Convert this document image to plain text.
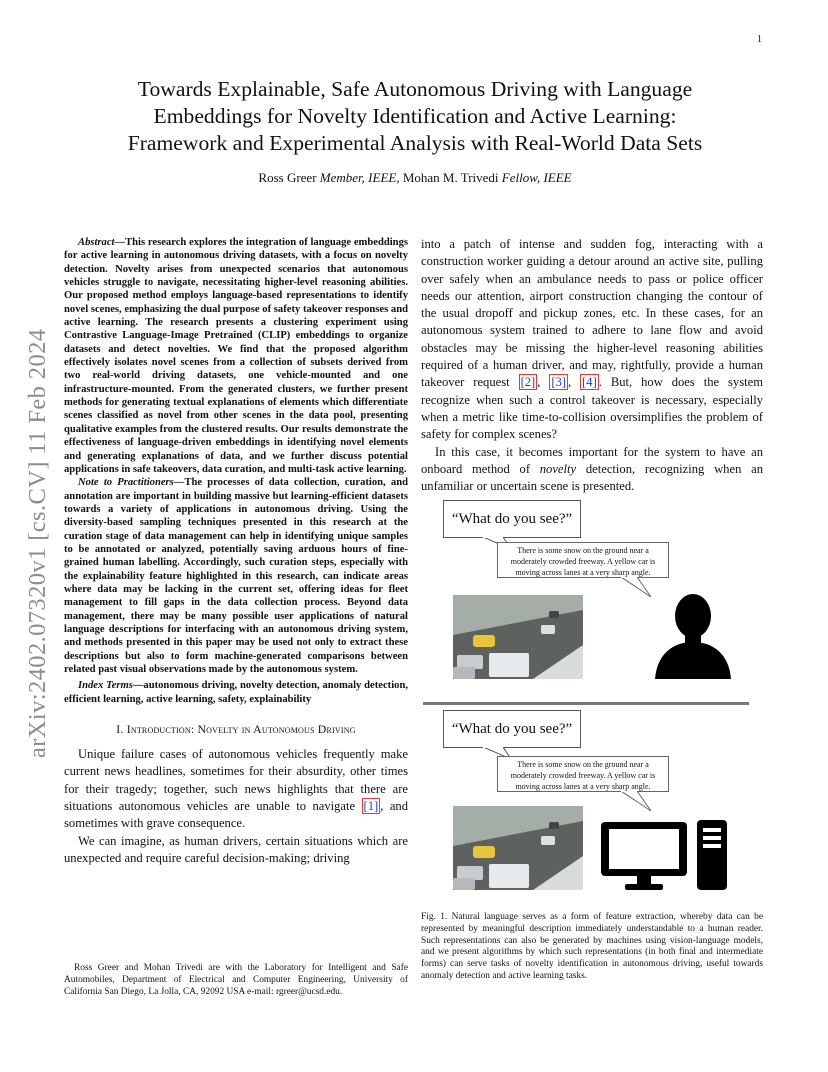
1
arXiv:2402.07320v1 [cs.CV] 11 Feb 2024
Towards Explainable, Safe Autonomous Driving with Language
Embeddings for Novelty Identification and Active Learning:
Framework and Experimental Analysis with Real-World Data Sets
Ross Greer Member, IEEE, Mohan M. Trivedi Fellow, IEEE

Abstract—This research explores the integration of language embeddings for active learning in autonomous driving datasets, with a focus on novelty detection. Novelty arises from unexpected scenarios that autonomous vehicles struggle to navigate, necessitating higher-level reasoning abilities. Our proposed method employs language-based representations to identify novel scenes, emphasizing the dual purpose of safety takeover responses and active learning. The research presents a clustering experiment using Contrastive Language-Image Pretrained (CLIP) embeddings to organize datasets and detect novelties. We find that the proposed algorithm effectively isolates novel scenes from a collection of subsets derived from two real-world driving datasets, one vehicle-mounted and one infrastructure-mounted. From the generated clusters, we further present methods for generating textual explanations of elements which differentiate scenes classified as novel from other scenes in the data pool, presenting qualitative examples from the clustered results. Our results demonstrate the effectiveness of language-driven embeddings in identifying novel elements and generating explanations of data, and we further discuss potential applications in safe takeovers, data curation, and multi-task active learning.

Note to Practitioners—The processes of data collection, curation, and annotation are important in building massive but learning-efficient datasets towards a variety of applications in autonomous driving. Using the diversity-based sampling techniques presented in this research at the curation stage of data management can help in identifying unique samples to be annotated or analyzed, potentially saving arduous hours of fine-grained human labelling. Accordingly, such curation steps, especially with the explainability feature highlighted in this research, can indicate areas where data may be lacking in the current set, offering ideas for fleet management to fill gaps in the data collection process. Beyond data management, there may be many possible user applications of natural language descriptions for interfacing with an autonomous driving system, and methods presented in this paper may be used not only to extract these descriptions but also to form machine-generated comparisons between related past visual observations made by the autonomous system.

Index Terms—autonomous driving, novelty detection, anomaly detection, efficient learning, active learning, safety, explainability
I. Introduction: Novelty in Autonomous Driving

Unique failure cases of autonomous vehicles frequently make current news headlines, sometimes for their absurdity, other times for their tragedy; together, such news highlights that there are situations autonomous vehicles are unable to navigate [1] , and sometimes with grave consequence.

We can imagine, as human drivers, certain situations which are unexpected and require careful decision-making; driving

Ross Greer and Mohan Trivedi are with the Laboratory for Intelligent and Safe Automobiles, Department of Electrical and Computer Engineering, University of California San Diego, La Jolla, CA, 92092 USA e-mail: rgreer@ucsd.edu.

into a patch of intense and sudden fog, interacting with a construction worker guiding a detour around an active site, pulling over safely when an ambulance needs to pass or police officer needs our attention, airport construction changing the contour of the usual dropoff and pickup zones, etc. In these cases, for an autonomous system trained to adhere to lane flow and avoid obstacles may be missing the higher-level reasoning abilities required of a human driver, and may, rightfully, provide a human takeover request [2] , [3] , [4] . But, how does the system recognize when such a control takeover is necessary, especially when a metric like time-to-collision oversimplifies the problem of safety for complex scenes?

In this case, it becomes important for the system to have an onboard method of novelty detection, recognizing when an unfamiliar or uncertain scene is presented.

“What do you see?”
There is some snow on the ground near a moderately crowded freeway. A yellow car is moving across lanes at a very sharp angle.
“What do you see?”
There is some snow on the ground near a moderately crowded freeway. A yellow car is moving across lanes at a very sharp angle.
Fig. 1. Natural language serves as a form of feature extraction, whereby data can be represented by meaningful description immediately understandable to a human reader. Such representations can also be generated by machines using vision-language models, and we present algorithms by which such representations (in both final and intermediate forms) can serve tasks of novelty identification in autonomous driving, useful towards anomaly detection and active learning tasks.
